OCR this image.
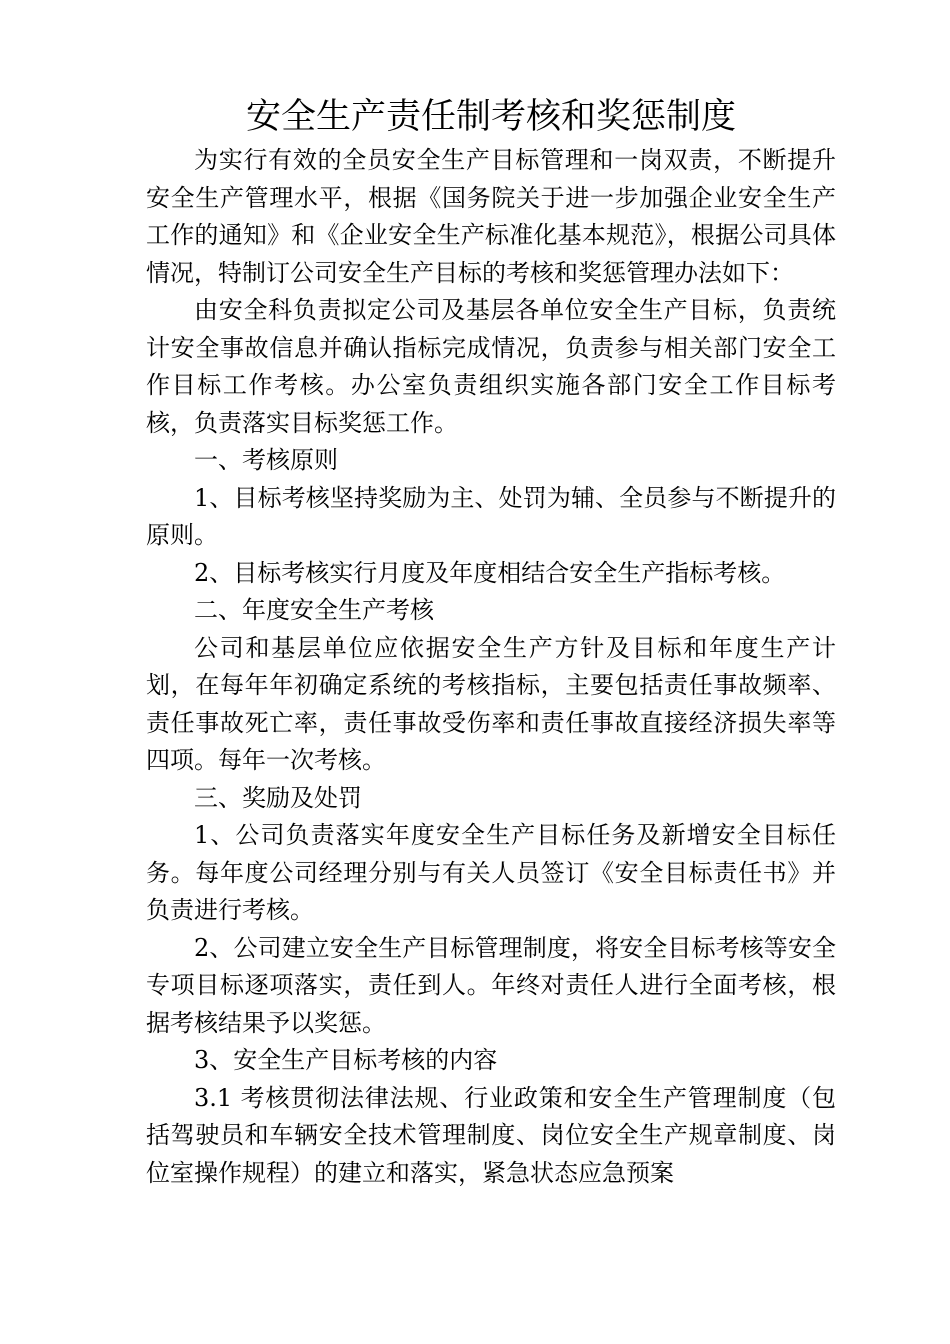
安全生产责任制考核和奖惩制度

为实行有效的全员安全生产目标管理和一岗双责，不断提升安全生产管理水平，根据《国务院关于进一步加强企业安全生产工作的通知》和《企业安全生产标准化基本规范》，根据公司具体情况，特制订公司安全生产目标的考核和奖惩管理办法如下：

由安全科负责拟定公司及基层各单位安全生产目标，负责统计安全事故信息并确认指标完成情况，负责参与相关部门安全工作目标工作考核。办公室负责组织实施各部门安全工作目标考核，负责落实目标奖惩工作。

一、考核原则

1、目标考核坚持奖励为主、处罚为辅、全员参与不断提升的原则。

2、目标考核实行月度及年度相结合安全生产指标考核。

二、年度安全生产考核

公司和基层单位应依据安全生产方针及目标和年度生产计划，在每年年初确定系统的考核指标，主要包括责任事故频率、责任事故死亡率，责任事故受伤率和责任事故直接经济损失率等四项。每年一次考核。

三、奖励及处罚

1、公司负责落实年度安全生产目标任务及新增安全目标任务。每年度公司经理分别与有关人员签订《安全目标责任书》并负责进行考核。

2、公司建立安全生产目标管理制度，将安全目标考核等安全专项目标逐项落实，责任到人。年终对责任人进行全面考核，根据考核结果予以奖惩。

3、安全生产目标考核的内容

3.1 考核贯彻法律法规、行业政策和安全生产管理制度（包括驾驶员和车辆安全技术管理制度、岗位安全生产规章制度、岗位室操作规程）的建立和落实，紧急状态应急预案
